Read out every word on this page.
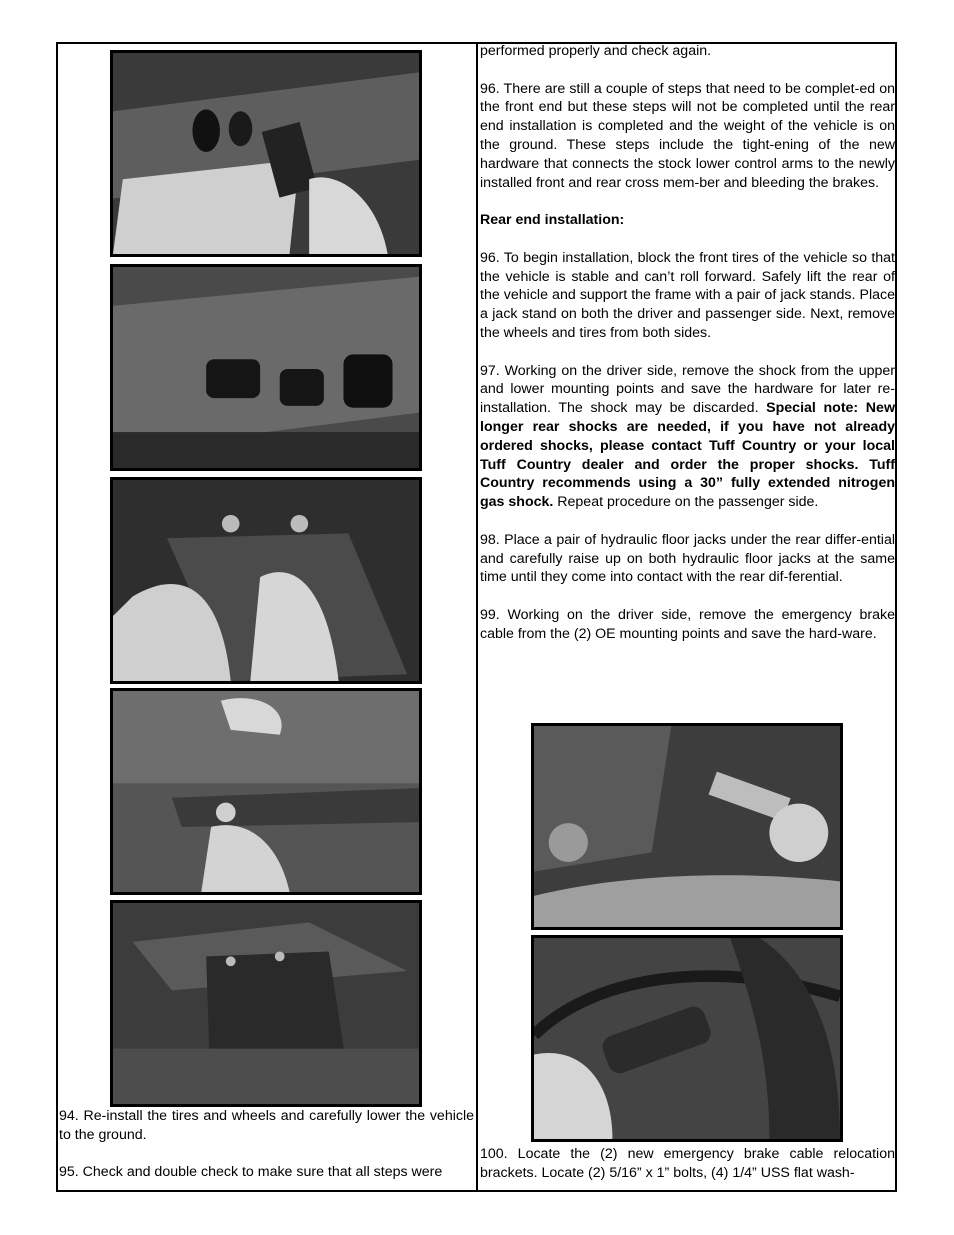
94. Re-install the tires and wheels and carefully lower the vehicle to the ground.

95. Check and double check to make sure that all steps were

performed properly and check again.

96. There are still a couple of steps that need to be complet-ed on the front end but these steps will not be completed until the rear end installation is completed and the weight of the vehicle is on the ground. These steps include the tight-ening of the new hardware that connects the stock lower control arms to the newly installed front and rear cross mem-ber and bleeding the brakes.

Rear end installation:

96. To begin installation, block the front tires of the vehicle so that the vehicle is stable and can’t roll forward. Safely lift the rear of the vehicle and support the frame with a pair of jack stands. Place a jack stand on both the driver and passenger side. Next, remove the wheels and tires from both sides.

97. Working on the driver side, remove the shock from the upper and lower mounting points and save the hardware for later re-installation. The shock may be discarded. Special note: New longer rear shocks are needed, if you have not already ordered shocks, please contact Tuff Country or your local Tuff Country dealer and order the proper shocks. Tuff Country recommends using a 30” fully extended nitrogen gas shock. Repeat procedure on the passenger side.

98. Place a pair of hydraulic floor jacks under the rear differ-ential and carefully raise up on both hydraulic floor jacks at the same time until they come into contact with the rear dif-ferential.

99. Working on the driver side, remove the emergency brake cable from the (2) OE mounting points and save the hard-ware.

100. Locate the (2) new emergency brake cable relocation brackets. Locate (2) 5/16” x 1” bolts, (4) 1/4” USS flat wash-
